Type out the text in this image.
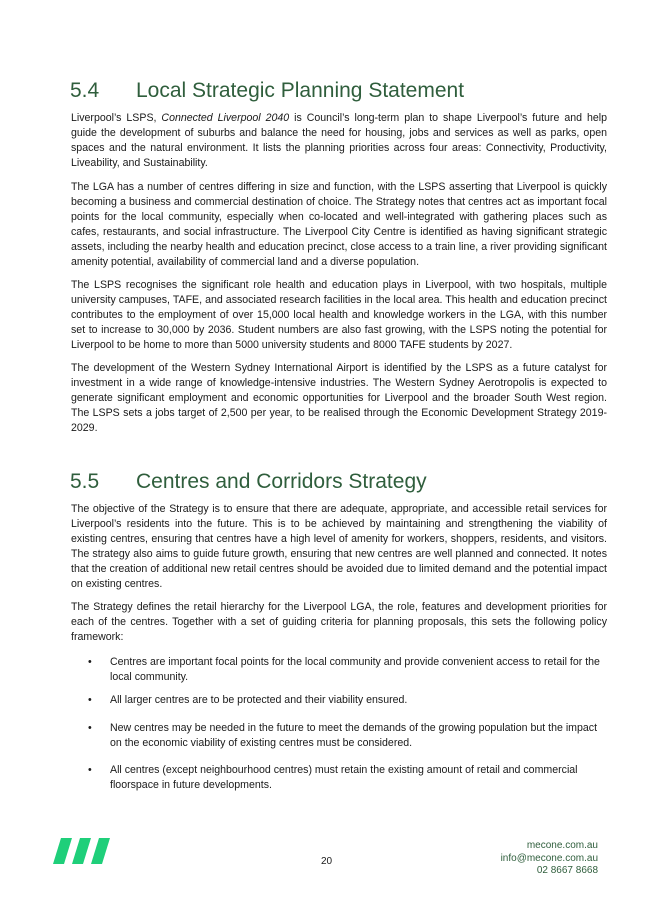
5.4 Local Strategic Planning Statement

Liverpool’s LSPS, Connected Liverpool 2040 is Council’s long-term plan to shape Liverpool’s future and help guide the development of suburbs and balance the need for housing, jobs and services as well as parks, open spaces and the natural environment. It lists the planning priorities across four areas: Connectivity, Productivity, Liveability, and Sustainability.

The LGA has a number of centres differing in size and function, with the LSPS asserting that Liverpool is quickly becoming a business and commercial destination of choice. The Strategy notes that centres act as important focal points for the local community, especially when co-located and well-integrated with gathering places such as cafes, restaurants, and social infrastructure. The Liverpool City Centre is identified as having significant strategic assets, including the nearby health and education precinct, close access to a train line, a river providing significant amenity potential, availability of commercial land and a diverse population.

The LSPS recognises the significant role health and education plays in Liverpool, with two hospitals, multiple university campuses, TAFE, and associated research facilities in the local area. This health and education precinct contributes to the employment of over 15,000 local health and knowledge workers in the LGA, with this number set to increase to 30,000 by 2036. Student numbers are also fast growing, with the LSPS noting the potential for Liverpool to be home to more than 5000 university students and 8000 TAFE students by 2027.

The development of the Western Sydney International Airport is identified by the LSPS as a future catalyst for investment in a wide range of knowledge-intensive industries. The Western Sydney Aerotropolis is expected to generate significant employment and economic opportunities for Liverpool and the broader South West region. The LSPS sets a jobs target of 2,500 per year, to be realised through the Economic Development Strategy 2019-2029.

5.5 Centres and Corridors Strategy

The objective of the Strategy is to ensure that there are adequate, appropriate, and accessible retail services for Liverpool’s residents into the future. This is to be achieved by maintaining and strengthening the viability of existing centres, ensuring that centres have a high level of amenity for workers, shoppers, residents, and visitors. The strategy also aims to guide future growth, ensuring that new centres are well planned and connected. It notes that the creation of additional new retail centres should be avoided due to limited demand and the potential impact on existing centres.

The Strategy defines the retail hierarchy for the Liverpool LGA, the role, features and development priorities for each of the centres. Together with a set of guiding criteria for planning proposals, this sets the following policy framework:

• Centres are important focal points for the local community and provide convenient access to retail for the local community.
• All larger centres are to be protected and their viability ensured.
• New centres may be needed in the future to meet the demands of the growing population but the impact on the economic viability of existing centres must be considered.
• All centres (except neighbourhood centres) must retain the existing amount of retail and commercial floorspace in future developments.
20
mecone.com.au
info@mecone.com.au
02 8667 8668
